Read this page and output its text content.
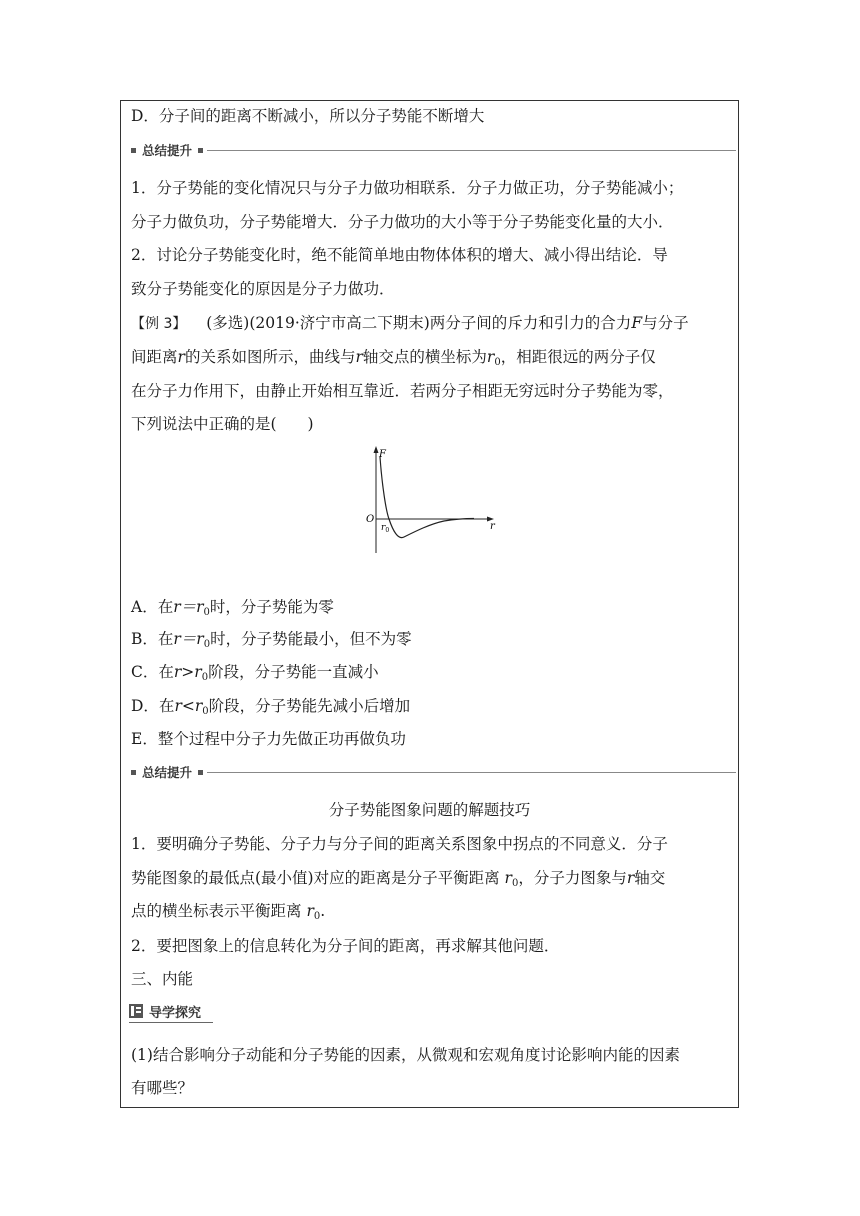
D．分子间的距离不断减小，所以分子势能不断增大
总结提升
1．分子势能的变化情况只与分子力做功相联系．分子力做正功，分子势能减小；
分子力做负功，分子势能增大．分子力做功的大小等于分子势能变化量的大小．
2．讨论分子势能变化时，绝不能简单地由物体体积的增大、减小得出结论．导
致分子势能变化的原因是分子力做功．
【例 3】 (多选)(2019·济宁市高二下期末)两分子间的斥力和引力的合力F与分子
间距离r的关系如图所示，曲线与r轴交点的横坐标为$r_0$，相距很远的两分子仅
在分子力作用下，由静止开始相互靠近．若两分子相距无穷远时分子势能为零，
下列说法中正确的是(　　)
F
r
O
$r_0$
A．在$r=r_0$时，分子势能为零
B．在$r=r_0$时，分子势能最小，但不为零
C．在$r>r_0$阶段，分子势能一直减小
D．在$r<r_0$阶段，分子势能先减小后增加
E．整个过程中分子力先做正功再做负功
总结提升
分子势能图象问题的解题技巧
1．要明确分子势能、分子力与分子间的距离关系图象中拐点的不同意义．分子
势能图象的最低点(最小值)对应的距离是分子平衡距离 $r_0$，分子力图象与r轴交
点的横坐标表示平衡距离 $r_0$.
2．要把图象上的信息转化为分子间的距离，再求解其他问题．
三、内能
导学探究
(1)结合影响分子动能和分子势能的因素，从微观和宏观角度讨论影响内能的因素
有哪些？
